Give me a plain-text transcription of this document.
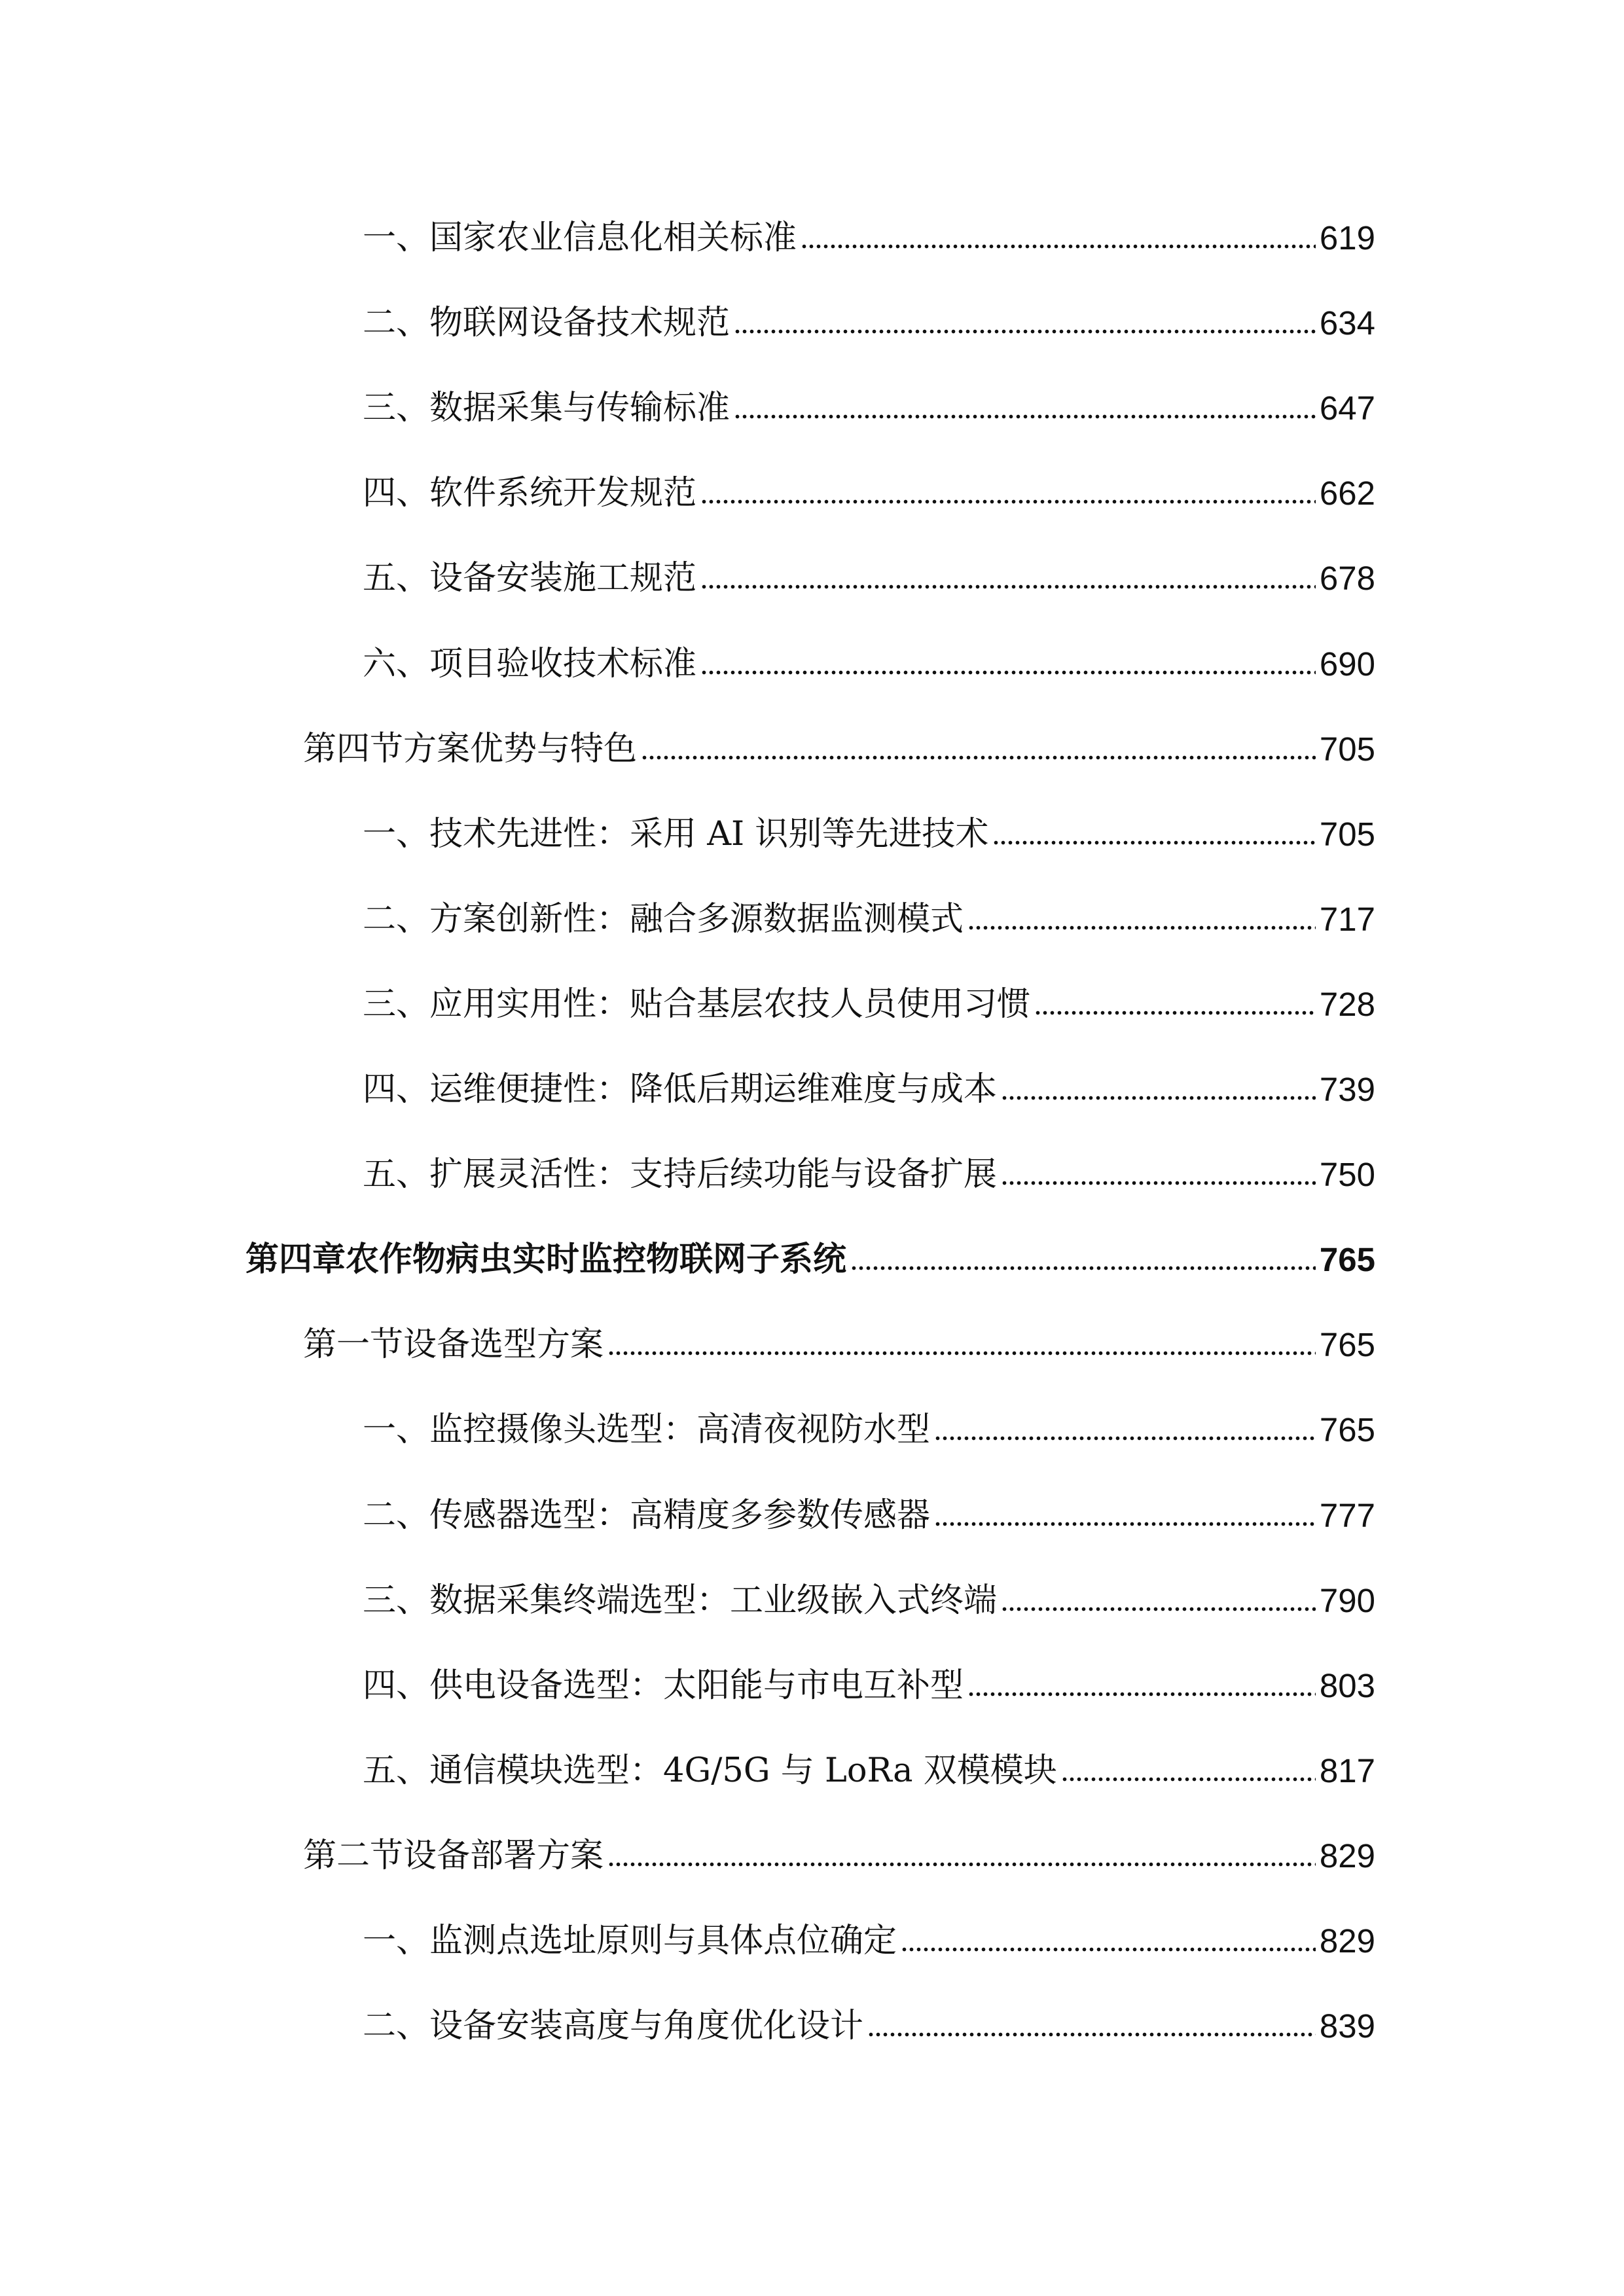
一、国家农业信息化相关标准	619
二、物联网设备技术规范	634
三、数据采集与传输标准	647
四、软件系统开发规范	662
五、设备安装施工规范	678
六、项目验收技术标准	690
第四节方案优势与特色	705
一、技术先进性：采用 AI 识别等先进技术	705
二、方案创新性：融合多源数据监测模式	717
三、应用实用性：贴合基层农技人员使用习惯	728
四、运维便捷性：降低后期运维难度与成本	739
五、扩展灵活性：支持后续功能与设备扩展	750
第四章农作物病虫实时监控物联网子系统	765
第一节设备选型方案	765
一、监控摄像头选型：高清夜视防水型	765
二、传感器选型：高精度多参数传感器	777
三、数据采集终端选型：工业级嵌入式终端	790
四、供电设备选型：太阳能与市电互补型	803
五、通信模块选型：4G/5G 与 LoRa 双模模块	817
第二节设备部署方案	829
一、监测点选址原则与具体点位确定	829
二、设备安装高度与角度优化设计	839
